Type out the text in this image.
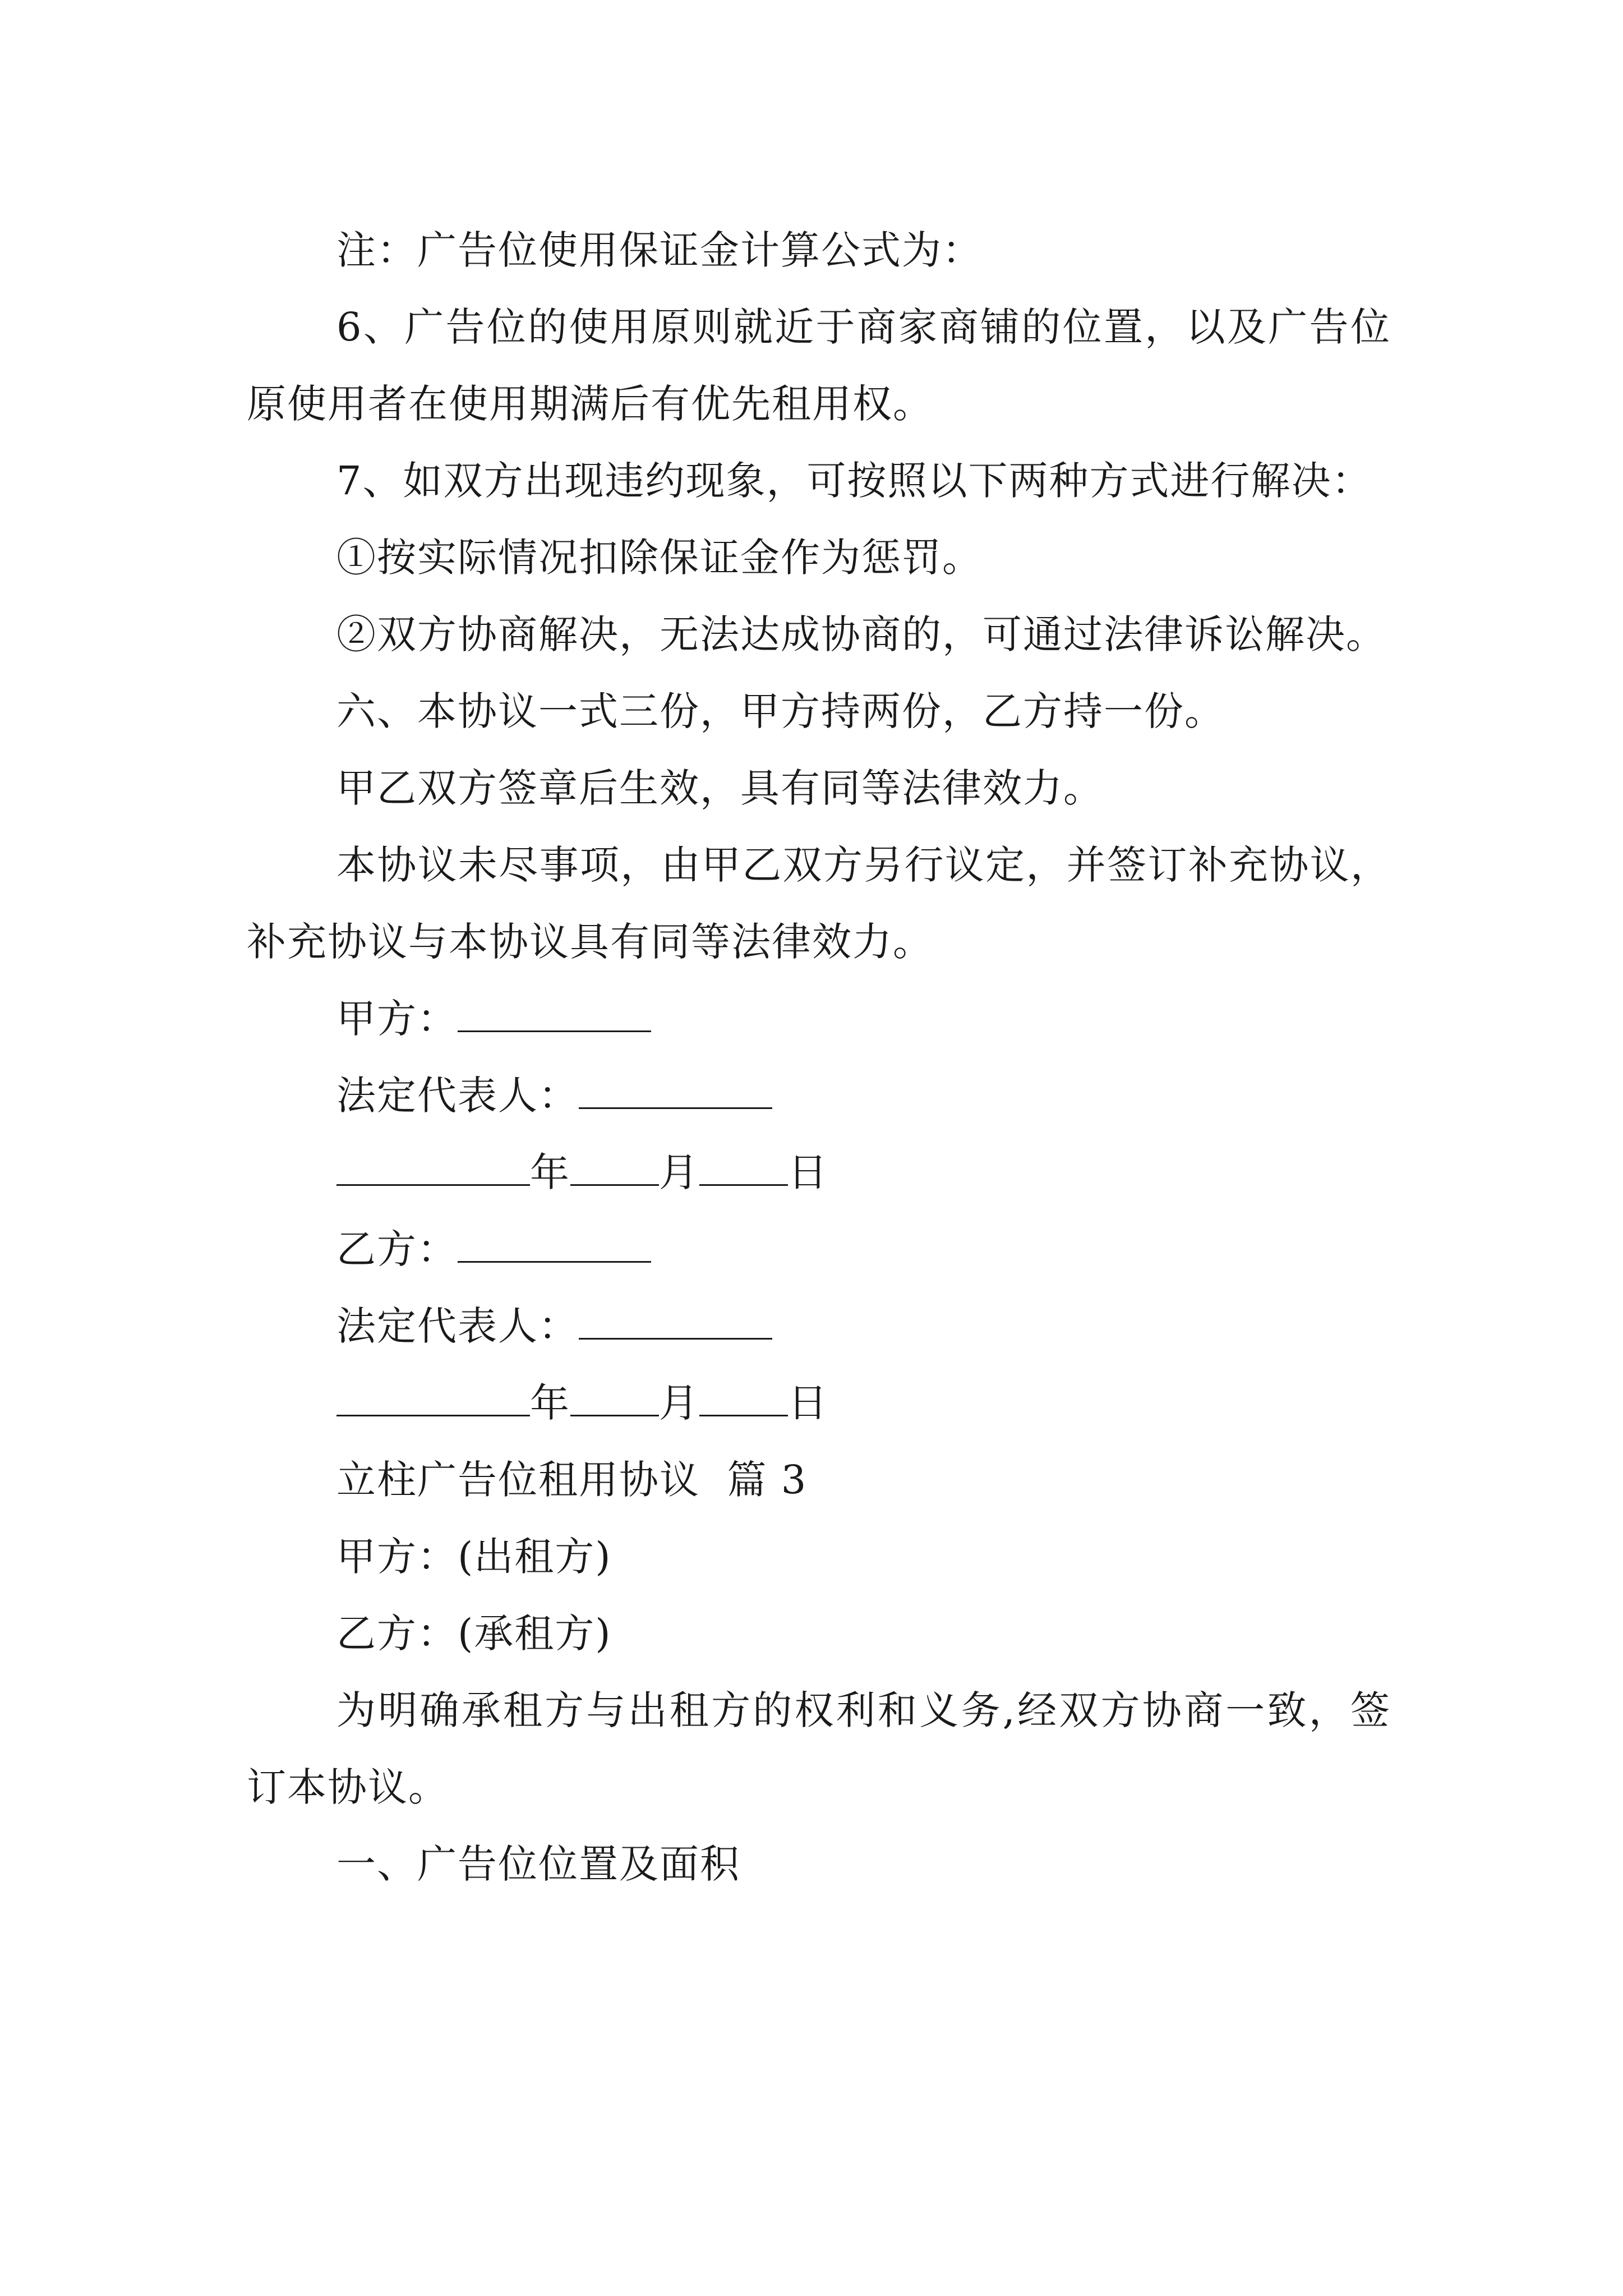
注：广告位使用保证金计算公式为：

6、广告位的使用原则就近于商家商铺的位置，以及广告位原使用者在使用期满后有优先租用权。

7、如双方出现违约现象，可按照以下两种方式进行解决：

①按实际情况扣除保证金作为惩罚。

②双方协商解决，无法达成协商的，可通过法律诉讼解决。

六、本协议一式三份，甲方持两份，乙方持一份。

甲乙双方签章后生效，具有同等法律效力。

本协议未尽事项，由甲乙双方另行议定，并签订补充协议，补充协议与本协议具有同等法律效力。

甲方：
法定代表人：
年 月 日
乙方：
法定代表人：
年 月 日
立柱广告位租用协议  篇 3
甲方：(出租方)
乙方：(承租方)

为明确承租方与出租方的权利和义务,经双方协商一致，签订本协议。

一、广告位位置及面积
